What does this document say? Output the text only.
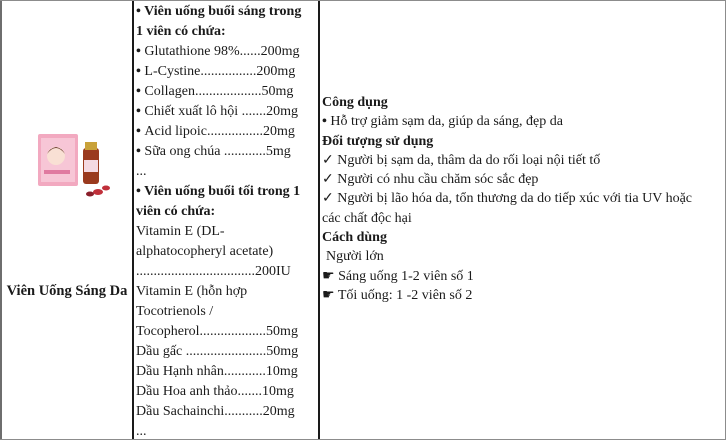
Viên Uống Sáng Da
• Viên uống buổi sáng trong
1 viên có chứa:
• Glutathione 98%......200mg
• L-Cystine................200mg
• Collagen...................50mg
• Chiết xuất lô hội .......20mg
• Acid lipoic................20mg
• Sữa ong chúa ............5mg
...
• Viên uống buổi tối trong 1
viên có chứa:
Vitamin E (DL-
alphatocopheryl acetate)
..................................200IU
Vitamin E (hỗn hợp
Tocotrienols /
Tocopherol...................50mg
Dầu gấc .......................50mg
Dầu Hạnh nhân............10mg
Dầu Hoa anh thảo.......10mg
Dầu Sachainchi...........20mg
...
Công dụng
• Hỗ trợ giảm sạm da, giúp da sáng, đẹp da
Đối tượng sử dụng
✓ Người bị sạm da, thâm da do rối loại nội tiết tố
✓ Người có nhu cầu chăm sóc sắc đẹp
✓ Người bị lão hóa da, tổn thương da do tiếp xúc với tia UV hoặc
các chất độc hại
Cách dùng
Người lớn
☛ Sáng uống 1-2 viên số 1
☛ Tối uống: 1 -2 viên số 2
